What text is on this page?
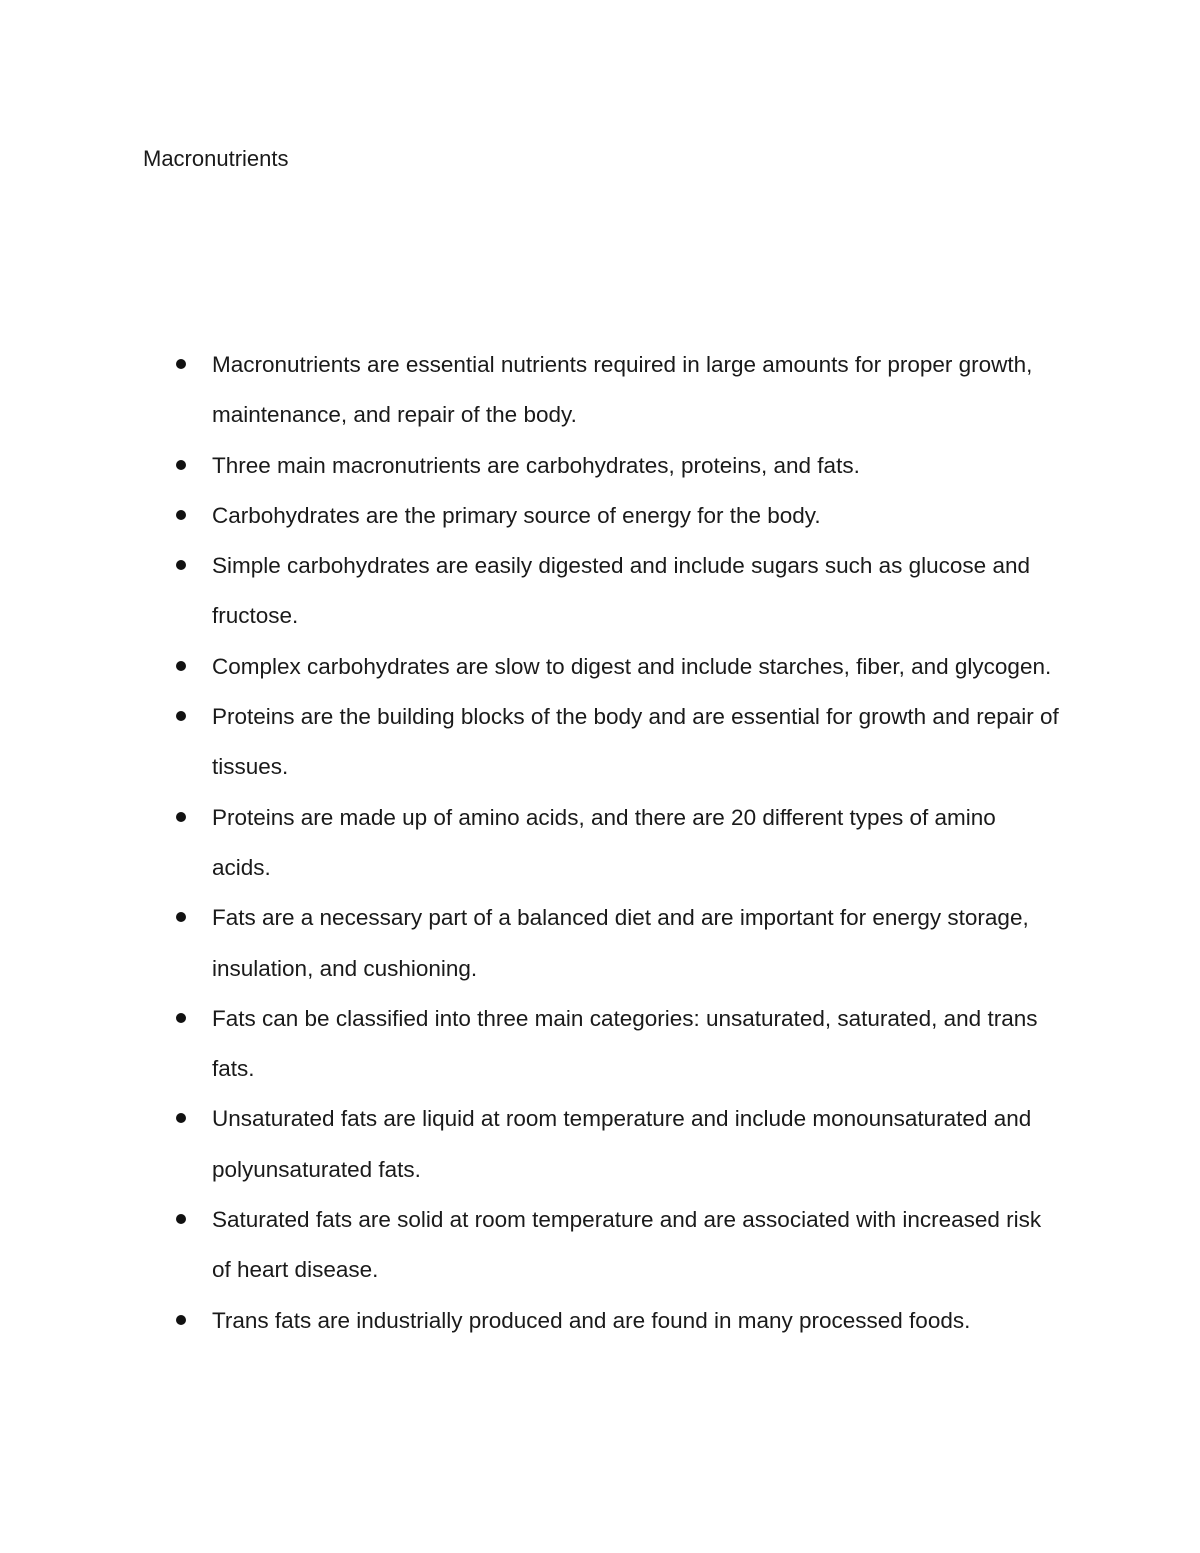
Macronutrients
Macronutrients are essential nutrients required in large amounts for proper growth, maintenance, and repair of the body.
Three main macronutrients are carbohydrates, proteins, and fats.
Carbohydrates are the primary source of energy for the body.
Simple carbohydrates are easily digested and include sugars such as glucose and fructose.
Complex carbohydrates are slow to digest and include starches, fiber, and glycogen.
Proteins are the building blocks of the body and are essential for growth and repair of tissues.
Proteins are made up of amino acids, and there are 20 different types of amino acids.
Fats are a necessary part of a balanced diet and are important for energy storage, insulation, and cushioning.
Fats can be classified into three main categories: unsaturated, saturated, and trans fats.
Unsaturated fats are liquid at room temperature and include monounsaturated and polyunsaturated fats.
Saturated fats are solid at room temperature and are associated with increased risk of heart disease.
Trans fats are industrially produced and are found in many processed foods.
